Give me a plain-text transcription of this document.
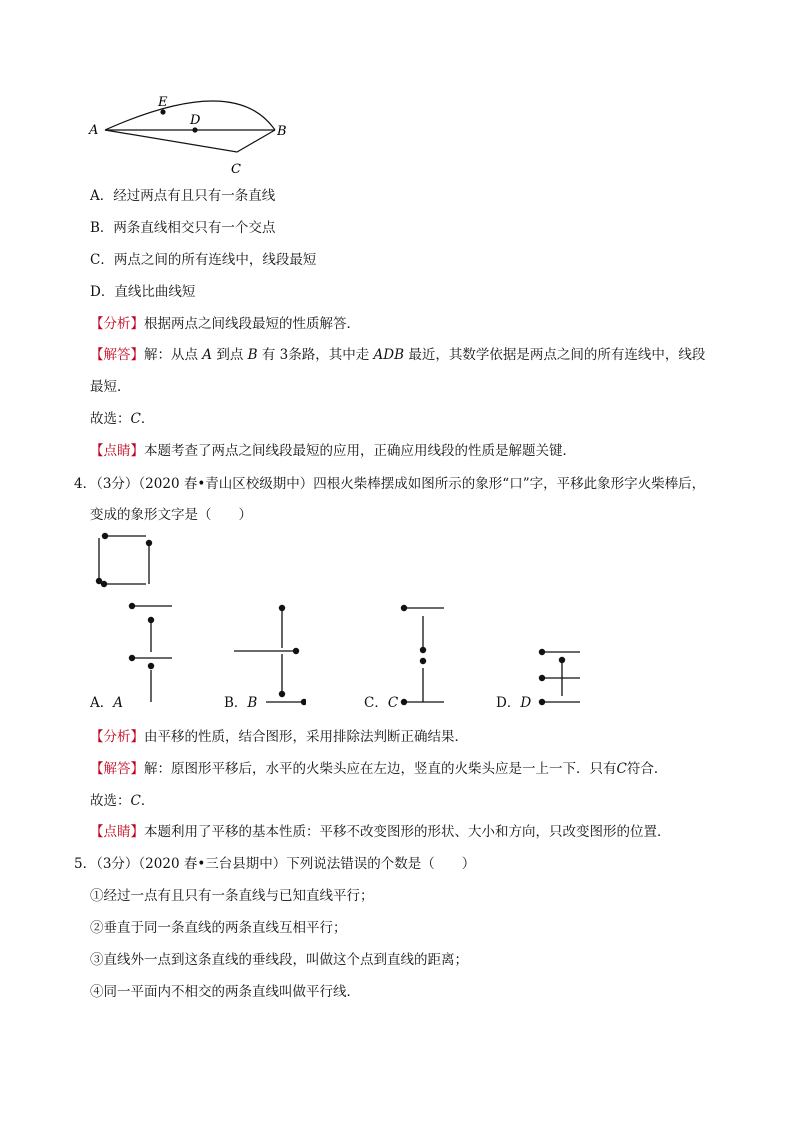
A	B
C
D
E
A．经过两点有且只有一条直线
B．两条直线相交只有一个交点
C．两点之间的所有连线中，线段最短
D．直线比曲线短
【分析】根据两点之间线段最短的性质解答．
【解答】解：从点 A 到点 B 有 3条路，其中走 ADB 最近，其数学依据是两点之间的所有连线中，线段
最短．
故选：C．
【点睛】本题考查了两点之间线段最短的应用，正确应用线段的性质是解题关键．
4．（3分）（2020 春•青山区校级期中）四根火柴棒摆成如图所示的象形“口”字，平移此象形字火柴棒后，
变成的象形文字是（　　）
A．A	B．B	C．C	D．D
【分析】由平移的性质，结合图形，采用排除法判断正确结果．
【解答】解：原图形平移后，水平的火柴头应在左边，竖直的火柴头应是一上一下．只有C符合．
故选：C．
【点睛】本题利用了平移的基本性质：平移不改变图形的形状、大小和方向，只改变图形的位置．
5．（3分）（2020 春•三台县期中）下列说法错误的个数是（　　）
①经过一点有且只有一条直线与已知直线平行；
②垂直于同一条直线的两条直线互相平行；
③直线外一点到这条直线的垂线段，叫做这个点到直线的距离；
④同一平面内不相交的两条直线叫做平行线．
